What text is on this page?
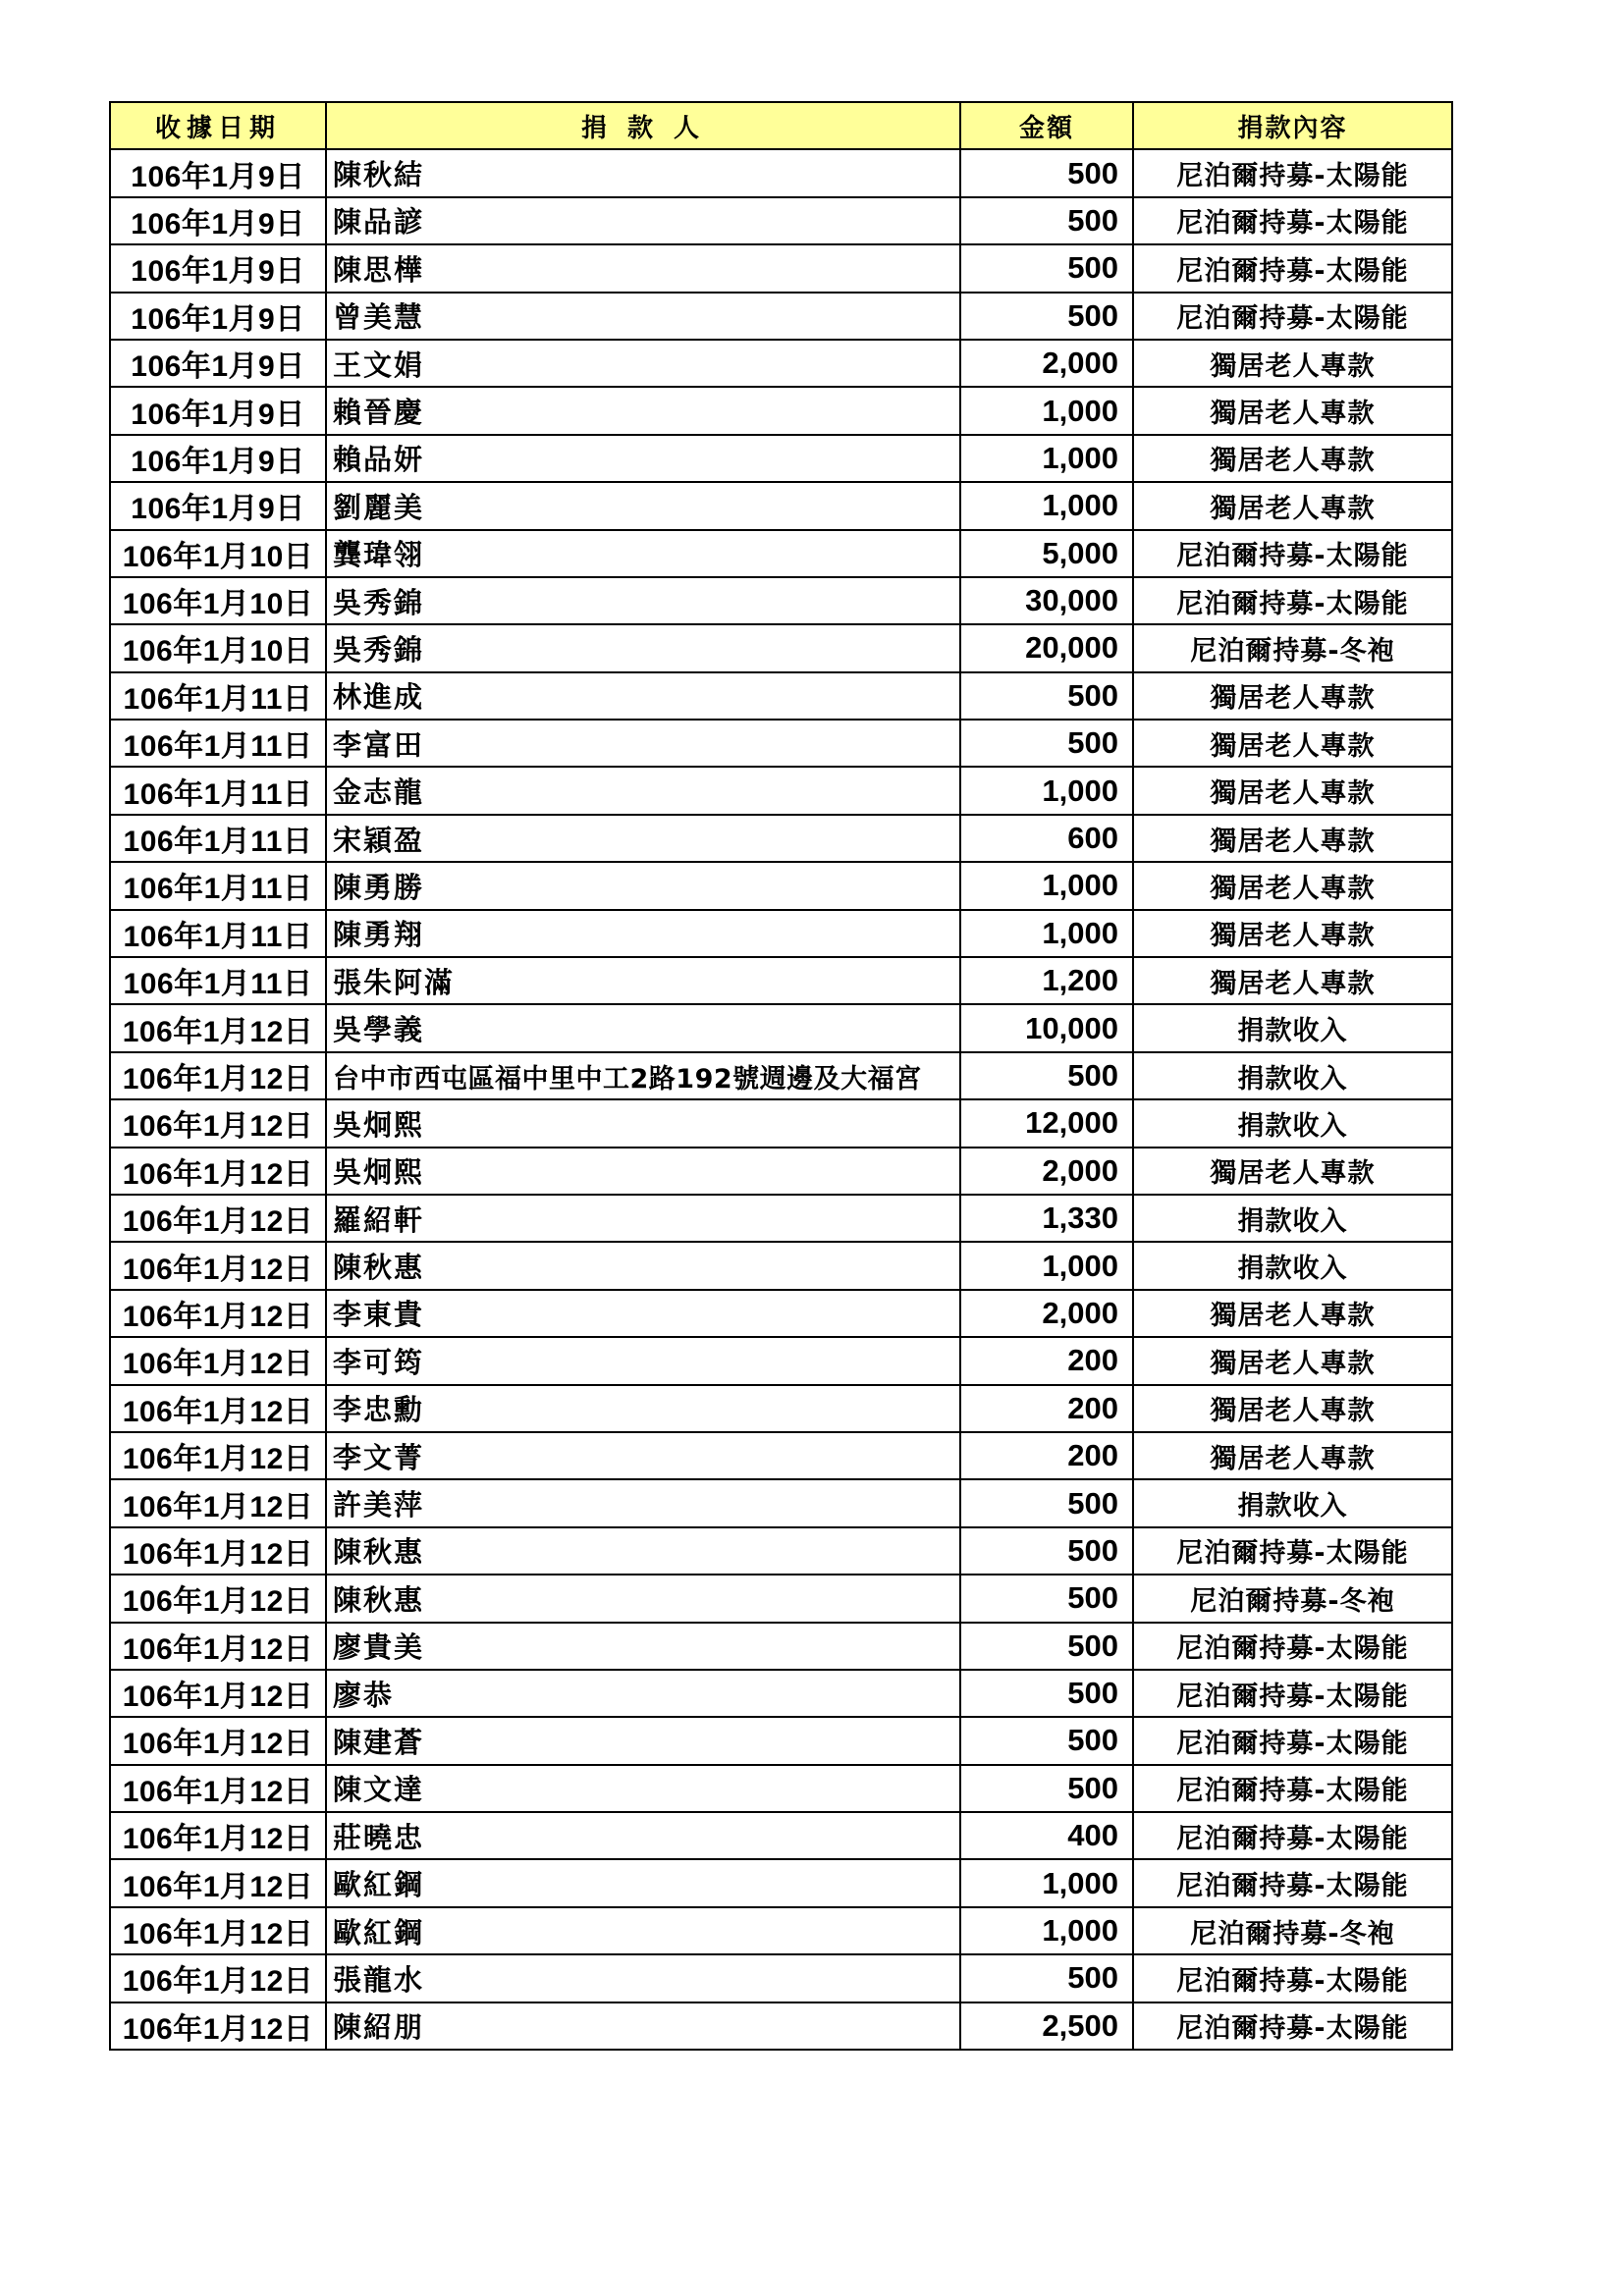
收據日期	捐 款 人	金額	捐款內容
106年1月9日	陳秋結	500	尼泊爾持募-太陽能
106年1月9日	陳品諺	500	尼泊爾持募-太陽能
106年1月9日	陳思樺	500	尼泊爾持募-太陽能
106年1月9日	曾美慧	500	尼泊爾持募-太陽能
106年1月9日	王文娟	2,000	獨居老人專款
106年1月9日	賴晉慶	1,000	獨居老人專款
106年1月9日	賴品妍	1,000	獨居老人專款
106年1月9日	劉麗美	1,000	獨居老人專款
106年1月10日	龔瑋翎	5,000	尼泊爾持募-太陽能
106年1月10日	吳秀錦	30,000	尼泊爾持募-太陽能
106年1月10日	吳秀錦	20,000	尼泊爾持募-冬袍
106年1月11日	林進成	500	獨居老人專款
106年1月11日	李富田	500	獨居老人專款
106年1月11日	金志龍	1,000	獨居老人專款
106年1月11日	宋穎盈	600	獨居老人專款
106年1月11日	陳勇勝	1,000	獨居老人專款
106年1月11日	陳勇翔	1,000	獨居老人專款
106年1月11日	張朱阿滿	1,200	獨居老人專款
106年1月12日	吳學義	10,000	捐款收入
106年1月12日	台中市西屯區福中里中工2路192號週邊及大福宮	500	捐款收入
106年1月12日	吳炯熙	12,000	捐款收入
106年1月12日	吳炯熙	2,000	獨居老人專款
106年1月12日	羅紹軒	1,330	捐款收入
106年1月12日	陳秋惠	1,000	捐款收入
106年1月12日	李東貴	2,000	獨居老人專款
106年1月12日	李可筠	200	獨居老人專款
106年1月12日	李忠勳	200	獨居老人專款
106年1月12日	李文菁	200	獨居老人專款
106年1月12日	許美萍	500	捐款收入
106年1月12日	陳秋惠	500	尼泊爾持募-太陽能
106年1月12日	陳秋惠	500	尼泊爾持募-冬袍
106年1月12日	廖貴美	500	尼泊爾持募-太陽能
106年1月12日	廖恭	500	尼泊爾持募-太陽能
106年1月12日	陳建蒼	500	尼泊爾持募-太陽能
106年1月12日	陳文達	500	尼泊爾持募-太陽能
106年1月12日	莊曉忠	400	尼泊爾持募-太陽能
106年1月12日	歐紅鋼	1,000	尼泊爾持募-太陽能
106年1月12日	歐紅鋼	1,000	尼泊爾持募-冬袍
106年1月12日	張龍水	500	尼泊爾持募-太陽能
106年1月12日	陳紹朋	2,500	尼泊爾持募-太陽能
